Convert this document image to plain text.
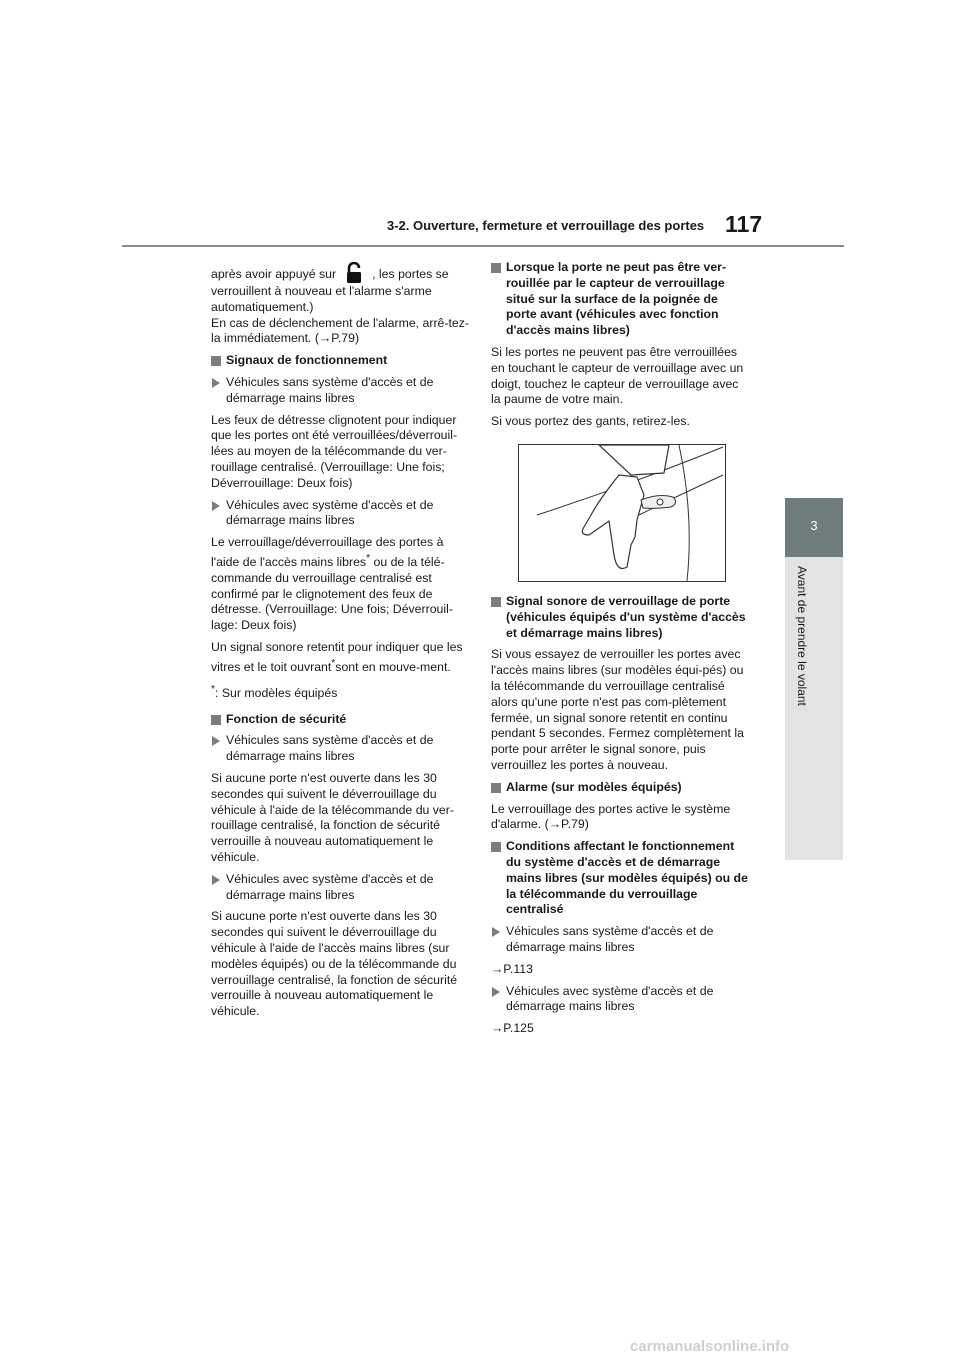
3-2. Ouverture, fermeture et verrouillage des portes 117
3
Avant de prendre le volant

après avoir appuyé sur	, les portes se
verrouillent à nouveau et l'alarme s'arme automatiquement.)
En cas de déclenchement de l'alarme, arrê-tez-la immédiatement. (→P.79)

Signaux de fonctionnement
Véhicules sans système d'accès et de démarrage mains libres

Les feux de détresse clignotent pour indiquer que les portes ont été verrouillées/déverrouil-lées au moyen de la télécommande du ver-rouillage centralisé. (Verrouillage: Une fois; Déverrouillage: Deux fois)

Véhicules avec système d'accès et de démarrage mains libres

Le verrouillage/déverrouillage des portes à l'aide de l'accès mains libres* ou de la télé-commande du verrouillage centralisé est confirmé par le clignotement des feux de détresse. (Verrouillage: Une fois; Déverrouil-lage: Deux fois)

Un signal sonore retentit pour indiquer que les vitres et le toit ouvrant*sont en mouve-ment.

*: Sur modèles équipés

Fonction de sécurité
Véhicules sans système d'accès et de démarrage mains libres

Si aucune porte n'est ouverte dans les 30 secondes qui suivent le déverrouillage du véhicule à l'aide de la télécommande du ver-rouillage centralisé, la fonction de sécurité verrouille à nouveau automatiquement le véhicule.

Véhicules avec système d'accès et de démarrage mains libres

Si aucune porte n'est ouverte dans les 30 secondes qui suivent le déverrouillage du véhicule à l'aide de l'accès mains libres (sur modèles équipés) ou de la télécommande du verrouillage centralisé, la fonction de sécurité verrouille à nouveau automatiquement le véhicule.

Lorsque la porte ne peut pas être ver-rouillée par le capteur de verrouillage situé sur la surface de la poignée de porte avant (véhicules avec fonction d'accès mains libres)

Si les portes ne peuvent pas être verrouillées en touchant le capteur de verrouillage avec un doigt, touchez le capteur de verrouillage avec la paume de votre main.

Si vous portez des gants, retirez-les.

Signal sonore de verrouillage de porte (véhicules équipés d'un système d'accès et démarrage mains libres)

Si vous essayez de verrouiller les portes avec l'accès mains libres (sur modèles équi-pés) ou la télécommande du verrouillage centralisé alors qu'une porte n'est pas com-plètement fermée, un signal sonore retentit en continu pendant 5 secondes. Fermez complètement la porte pour arrêter le signal sonore, puis verrouillez les portes à nouveau.

Alarme (sur modèles équipés)

Le verrouillage des portes active le système d'alarme. (→P.79)

Conditions affectant le fonctionnement du système d'accès et de démarrage mains libres (sur modèles équipés) ou de la télécommande du verrouillage centralisé
Véhicules sans système d'accès et de démarrage mains libres

→P.113

Véhicules avec système d'accès et de démarrage mains libres

→P.125

carmanualsonline.info
